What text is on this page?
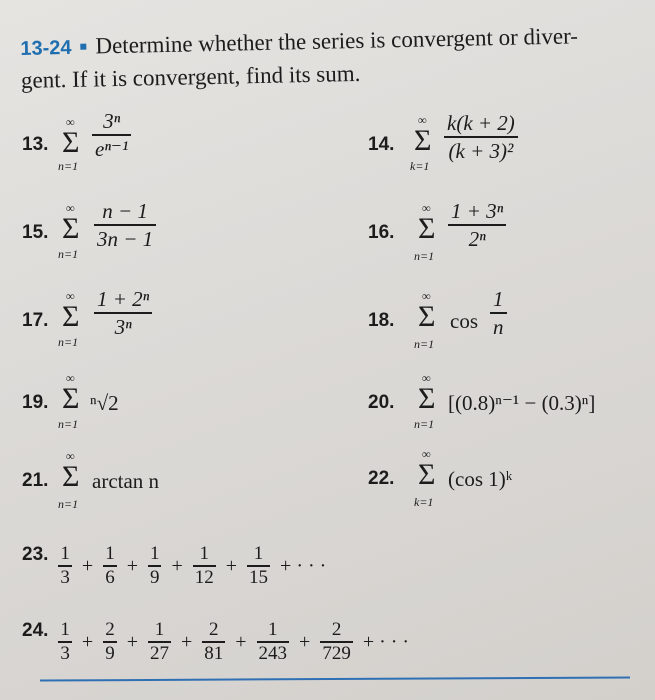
13-24 Determine whether the series is convergent or diver-
gent. If it is convergent, find its sum.
13.
∞
Σ
n=1
3ⁿ
eⁿ⁻¹	14.
∞
Σ
k=1
k(k + 2)
(k + 3)²
15.
∞
Σ
n=1
n − 1
3n − 1	16.
∞
Σ
n=1
1 + 3ⁿ
2ⁿ
17.
∞
Σ
n=1
1 + 2ⁿ
3ⁿ	18.
∞
Σ
n=1
cos
1
n
19.
∞
Σ
n=1
ⁿ√2	20.
∞
Σ
n=1
[(0.8)ⁿ⁻¹ − (0.3)ⁿ]
21.
∞
Σ
n=1
arctan n	22.
∞
Σ
k=1
(cos 1)ᵏ
23. 1
3
+
1
6
+
1
9
+
1
12
+
1
15
+ · · ·
24. 1
3
+
2
9
+
1
27
+
2
81
+
1
243
+
2
729
+ · · ·
